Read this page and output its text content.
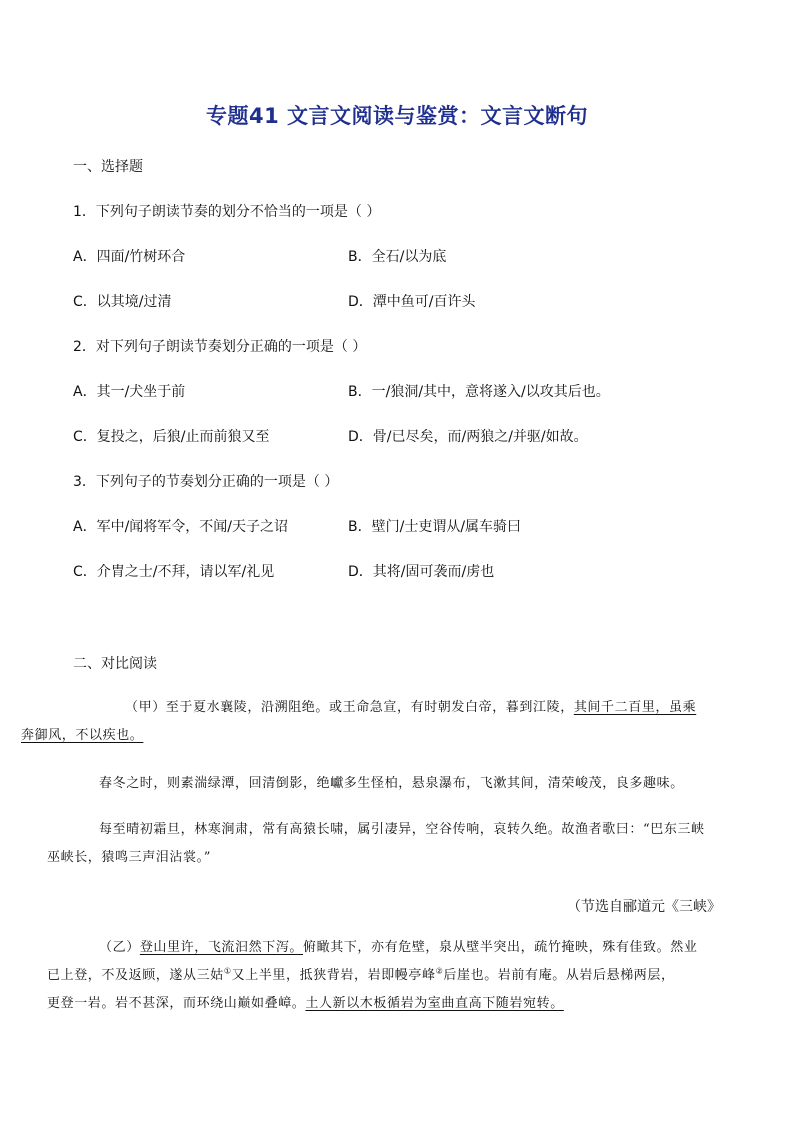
专题41 文言文阅读与鉴赏：文言文断句
一、选择题
1．下列句子朗读节奏的划分不恰当的一项是（ ）
A．四面/竹树环合	B．全石/以为底
C．以其境/过清	D．潭中鱼可/百许头
2．对下列句子朗读节奏划分正确的一项是（ ）
A．其一/犬坐于前	B．一/狼洞/其中，意将遂入/以攻其后也。
C．复投之，后狼/止而前狼又至	D．骨/已尽矣，而/两狼之/并驱/如故。
3．下列句子的节奏划分正确的一项是（ ）
A．军中/闻将军令，不闻/天子之诏	B．壁门/士吏谓从/属车骑曰
C．介胄之士/不拜，请以军/礼见	D．其将/固可袭而/虏也
二、对比阅读
（甲）至于夏水襄陵，沿溯阻绝。或王命急宣，有时朝发白帝，暮到江陵，其间千二百里，虽乘
奔御风，不以疾也。
春冬之时，则素湍绿潭，回清倒影，绝巘多生怪柏，悬泉瀑布，飞漱其间，清荣峻茂，良多趣味。
每至晴初霜旦，林寒涧肃，常有高猿长啸，属引凄异，空谷传响，哀转久绝。故渔者歌曰：“巴东三峡
巫峡长，猿鸣三声泪沾裳。”
（节选自郦道元《三峡》
（乙）登山里许，飞流汩然下泻。俯瞰其下，亦有危壁，泉从壁半突出，疏竹掩映，殊有佳致。然业
已上登，不及返顾，遂从三姑①又上半里，抵狭背岩，岩即幔亭峰②后崖也。岩前有庵。从岩后悬梯两层，
更登一岩。岩不甚深，而环绕山巅如叠嶂。土人新以木板循岩为室曲直高下随岩宛转。
